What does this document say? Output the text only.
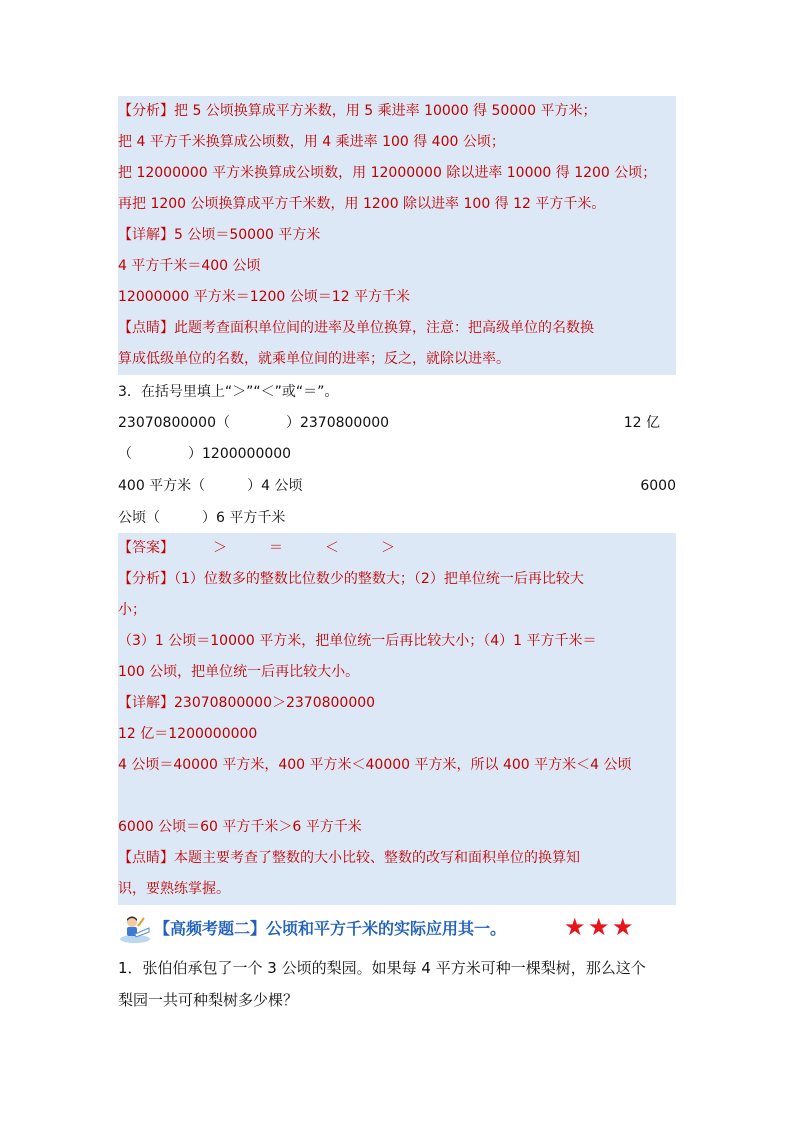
【分析】把 5 公顷换算成平方米数，用 5 乘进率 10000 得 50000 平方米；
把 4 平方千米换算成公顷数，用 4 乘进率 100 得 400 公顷；
把 12000000 平方米换算成公顷数，用 12000000 除以进率 10000 得 1200 公顷；
再把 1200 公顷换算成平方千米数，用 1200 除以进率 100 得 12 平方千米。
【详解】5 公顷＝50000 平方米
4 平方千米＝400 公顷
12000000 平方米＝1200 公顷＝12 平方千米
【点睛】此题考查面积单位间的进率及单位换算，注意：把高级单位的名数换
算成低级单位的名数，就乘单位间的进率；反之，就除以进率。
3．在括号里填上“＞”“＜”或“＝”。
23070800000（　　　　）2370800000	12 亿
（　　　　）1200000000
400 平方米（　　　）4 公顷	6000
公顷（　　　）6 平方千米
【答案】	＞	＝	＜	＞
【分析】（1）位数多的整数比位数少的整数大；（2）把单位统一后再比较大
小；
（3）1 公顷＝10000 平方米，把单位统一后再比较大小；（4）1 平方千米＝
100 公顷，把单位统一后再比较大小。
【详解】23070800000＞2370800000
12 亿＝1200000000
4 公顷＝40000 平方米，400 平方米＜40000 平方米，所以 400 平方米＜4 公顷
6000 公顷＝60 平方千米＞6 平方千米
【点睛】本题主要考查了整数的大小比较、整数的改写和面积单位的换算知
识，要熟练掌握。
【高频考题二】公顷和平方千米的实际应用其一。 ★ ★ ★
1．张伯伯承包了一个 3 公顷的梨园。如果每 4 平方米可种一棵梨树，那么这个
梨园一共可种梨树多少棵？
